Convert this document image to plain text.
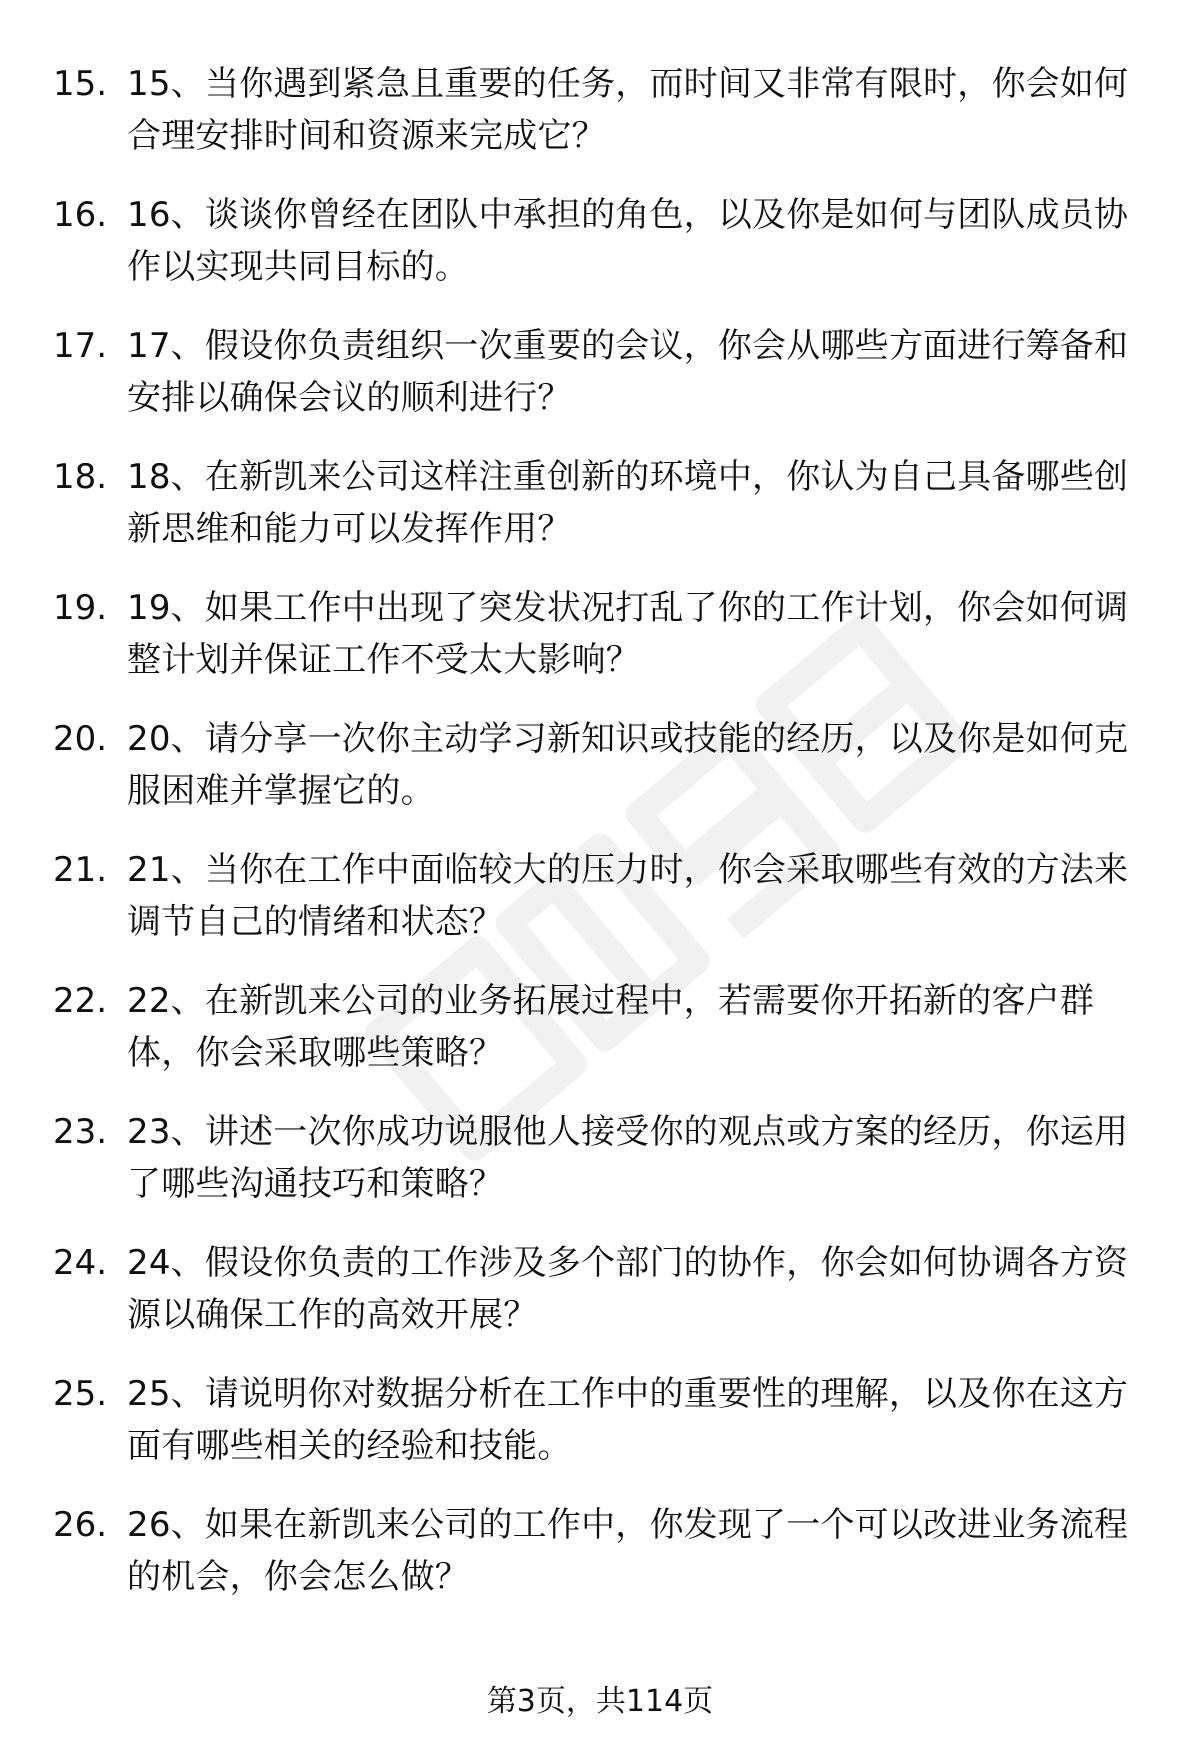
15. 15、当你遇到紧急且重要的任务，而时间又非常有限时，你会如何合理安排时间和资源来完成它？
16. 16、谈谈你曾经在团队中承担的角色，以及你是如何与团队成员协作以实现共同目标的。
17. 17、假设你负责组织一次重要的会议，你会从哪些方面进行筹备和安排以确保会议的顺利进行？
18. 18、在新凯来公司这样注重创新的环境中，你认为自己具备哪些创新思维和能力可以发挥作用？
19. 19、如果工作中出现了突发状况打乱了你的工作计划，你会如何调整计划并保证工作不受太大影响？
20. 20、请分享一次你主动学习新知识或技能的经历，以及你是如何克服困难并掌握它的。
21. 21、当你在工作中面临较大的压力时，你会采取哪些有效的方法来调节自己的情绪和状态？
22. 22、在新凯来公司的业务拓展过程中，若需要你开拓新的客户群体，你会采取哪些策略？
23. 23、讲述一次你成功说服他人接受你的观点或方案的经历，你运用了哪些沟通技巧和策略？
24. 24、假设你负责的工作涉及多个部门的协作，你会如何协调各方资源以确保工作的高效开展？
25. 25、请说明你对数据分析在工作中的重要性的理解，以及你在这方面有哪些相关的经验和技能。
26. 26、如果在新凯来公司的工作中，你发现了一个可以改进业务流程的机会，你会怎么做？
第3页，共114页
